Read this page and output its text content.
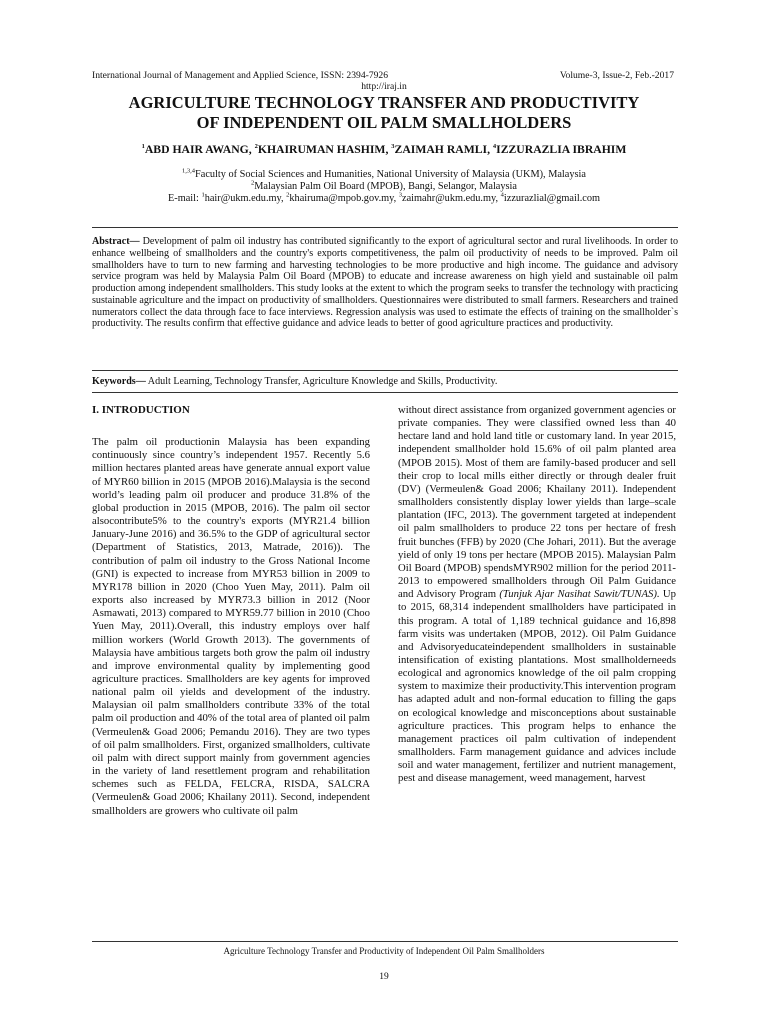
International Journal of Management and Applied Science, ISSN: 2394-7926	Volume-3, Issue-2, Feb.-2017
http://iraj.in
AGRICULTURE TECHNOLOGY TRANSFER AND PRODUCTIVITY
OF INDEPENDENT OIL PALM SMALLHOLDERS
$^1$ABD HAIR AWANG, $^2$KHAIRUMAN HASHIM, $^3$ZAIMAH RAMLI, $^4$IZZURAZLIA IBRAHIM
$^{1,3,4}$Faculty of Social Sciences and Humanities, National University of Malaysia (UKM), Malaysia
$^2$Malaysian Palm Oil Board (MPOB), Bangi, Selangor, Malaysia
E-mail: $^1$hair@ukm.edu.my, $^2$khairuma@mpob.gov.my, $^3$zaimahr@ukm.edu.my, $^4$izzurazlial@gmail.com

Abstract— Development of palm oil industry has contributed significantly to the export of agricultural sector and rural livelihoods. In order to enhance wellbeing of smallholders and the country's exports competitiveness, the palm oil productivity of needs to be improved. Palm oil smallholders have to turn to new farming and harvesting technologies to be more productive and high income. The guidance and advisory service program was held by Malaysia Palm Oil Board (MPOB) to educate and increase awareness on high yield and sustainable oil palm production among independent smallholders. This study looks at the extent to which the program seeks to transfer the technology with practicing sustainable agriculture and the impact on productivity of smallholders. Questionnaires were distributed to small farmers. Researchers and trained numerators collect the data through face to face interviews. Regression analysis was used to estimate the effects of training on the smallholder`s productivity. The results confirm that effective guidance and advice leads to better of good agriculture practices and productivity.

Keywords— Adult Learning, Technology Transfer, Agriculture Knowledge and Skills, Productivity.
I. INTRODUCTION

The palm oil productionin Malaysia has been expanding continuously since country’s independent 1957. Recently 5.6 million hectares planted areas have generate annual export value of MYR60 billion in 2015 (MPOB 2016).Malaysia is the second world’s leading palm oil producer and produce 31.8% of the global production in 2015 (MPOB, 2016). The palm oil sector alsocontribute5% to the country's exports (MYR21.4 billion January-June 2016) and 36.5% to the GDP of agricultural sector (Department of Statistics, 2013, Matrade, 2016)). The contribution of palm oil industry to the Gross National Income (GNI) is expected to increase from MYR53 billion in 2009 to MYR178 billion in 2020 (Choo Yuen May, 2011). Palm oil exports also increased by MYR73.3 billion in 2012 (Noor Asmawati, 2013) compared to MYR59.77 billion in 2010 (Choo Yuen May, 2011).Overall, this industry employs over half million workers (World Growth 2013). The governments of Malaysia have ambitious targets both grow the palm oil industry and improve environmental quality by implementing good agriculture practices. Smallholders are key agents for improved national palm oil yields and development of the industry. Malaysian oil palm smallholders contribute 33% of the total palm oil production and 40% of the total area of planted oil palm (Vermeulen& Goad 2006; Pemandu 2016). They are two types of oil palm smallholders. First, organized smallholders, cultivate oil palm with direct support mainly from government agencies in the variety of land resettlement program and rehabilitation schemes such as FELDA, FELCRA, RISDA, SALCRA (Vermeulen& Goad 2006; Khailany 2011). Second, independent smallholders are growers who cultivate oil palm

without direct assistance from organized government agencies or private companies. They were classified owned less than 40 hectare land and hold land title or customary land. In year 2015, independent smallholder hold 15.6% of oil palm planted area (MPOB 2015). Most of them are family-based producer and sell their crop to local mills either directly or through dealer fruit (DV) (Vermeulen& Goad 2006; Khailany 2011). Independent smallholders consistently display lower yields than large–scale plantation (IFC, 2013). The government targeted at independent oil palm smallholders to produce 22 tons per hectare of fresh fruit bunches (FFB) by 2020 (Che Johari, 2011). But the average yield of only 19 tons per hectare (MPOB 2015). Malaysian Palm Oil Board (MPOB) spendsMYR902 million for the period 2011-2013 to empowered smallholders through Oil Palm Guidance and Advisory Program (Tunjuk Ajar Nasihat Sawit/TUNAS). Up to 2015, 68,314 independent smallholders have participated in this program. A total of 1,189 technical guidance and 16,898 farm visits was undertaken (MPOB, 2012). Oil Palm Guidance and Advisoryeducateindependent smallholders in sustainable intensification of existing plantations. Most smallholderneeds ecological and agronomics knowledge of the oil palm cropping system to maximize their productivity.This intervention program has adapted adult and non-formal education to filling the gaps on ecological knowledge and misconceptions about sustainable agriculture practices. This program helps to enhance the management practices oil palm cultivation of independent smallholders. Farm management guidance and advices include soil and water management, fertilizer and nutrient management, pest and disease management, weed management, harvest

Agriculture Technology Transfer and Productivity of Independent Oil Palm Smallholders
19
